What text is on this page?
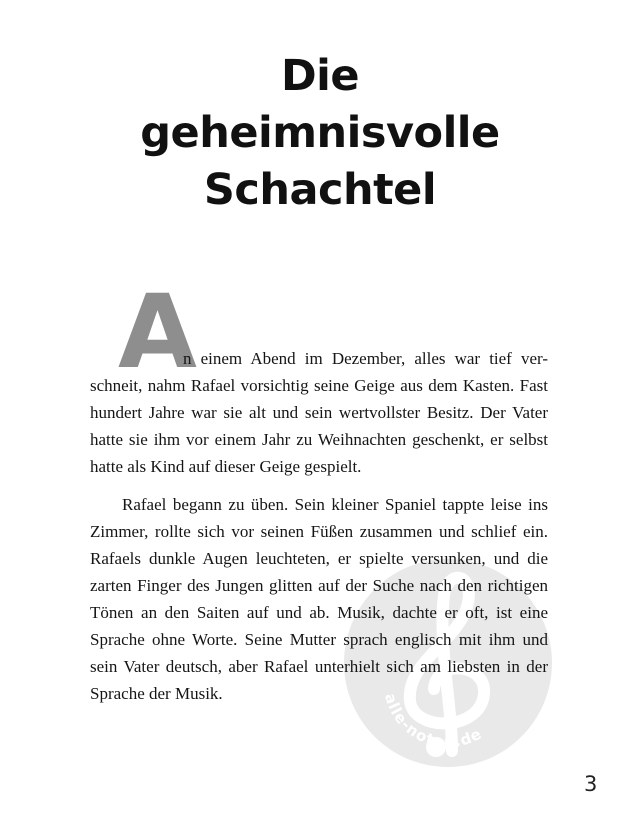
Die
geheimnisvolle
Schachtel
alle-noten.de
A
n einem Abend im Dezember, alles war tief ver-
schneit, nahm Rafael vorsichtig seine Geige aus dem Kasten. Fast
hundert Jahre war sie alt und sein wertvollster Besitz. Der Vater
hatte sie ihm vor einem Jahr zu Weihnachten geschenkt, er selbst
hatte als Kind auf dieser Geige gespielt.
Rafael begann zu üben. Sein kleiner Spaniel tappte leise ins
Zimmer, rollte sich vor seinen Füßen zusammen und schlief ein.
Rafaels dunkle Augen leuchteten, er spielte versunken, und die
zarten Finger des Jungen glitten auf der Suche nach den richtigen
Tönen an den Saiten auf und ab. Musik, dachte er oft, ist eine
Sprache ohne Worte. Seine Mutter sprach englisch mit ihm und
sein Vater deutsch, aber Rafael unterhielt sich am liebsten in der
Sprache der Musik.
3
